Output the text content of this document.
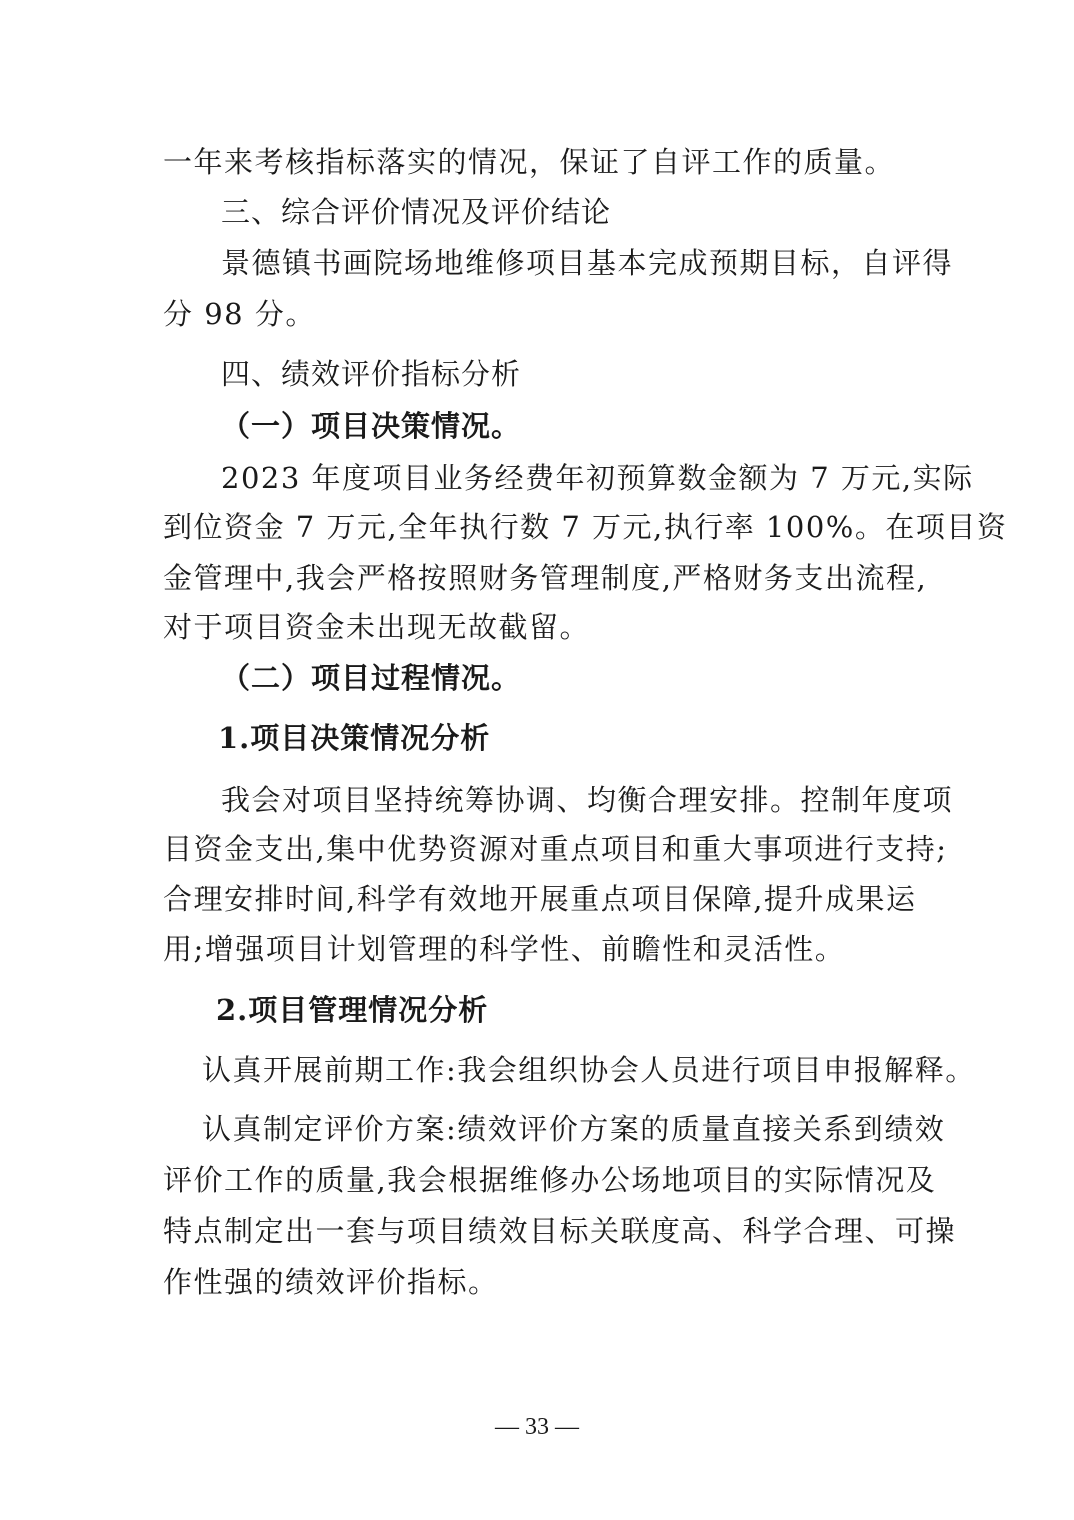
一年来考核指标落实的情况，保证了自评工作的质量。
三、综合评价情况及评价结论
景德镇书画院场地维修项目基本完成预期目标，自评得
分 98 分。
四、绩效评价指标分析
（一）项目决策情况。
2023 年度项目业务经费年初预算数金额为 7 万元,实际
到位资金 7 万元,全年执行数 7 万元,执行率 100%。在项目资
金管理中,我会严格按照财务管理制度,严格财务支出流程,
对于项目资金未出现无故截留。
（二）项目过程情况。
1.项目决策情况分析
我会对项目坚持统筹协调、均衡合理安排。控制年度项
目资金支出,集中优势资源对重点项目和重大事项进行支持;
合理安排时间,科学有效地开展重点项目保障,提升成果运
用;增强项目计划管理的科学性、前瞻性和灵活性。
2.项目管理情况分析
认真开展前期工作:我会组织协会人员进行项目申报解释。
认真制定评价方案:绩效评价方案的质量直接关系到绩效
评价工作的质量,我会根据维修办公场地项目的实际情况及
特点制定出一套与项目绩效目标关联度高、科学合理、可操
作性强的绩效评价指标。
— 33 —
